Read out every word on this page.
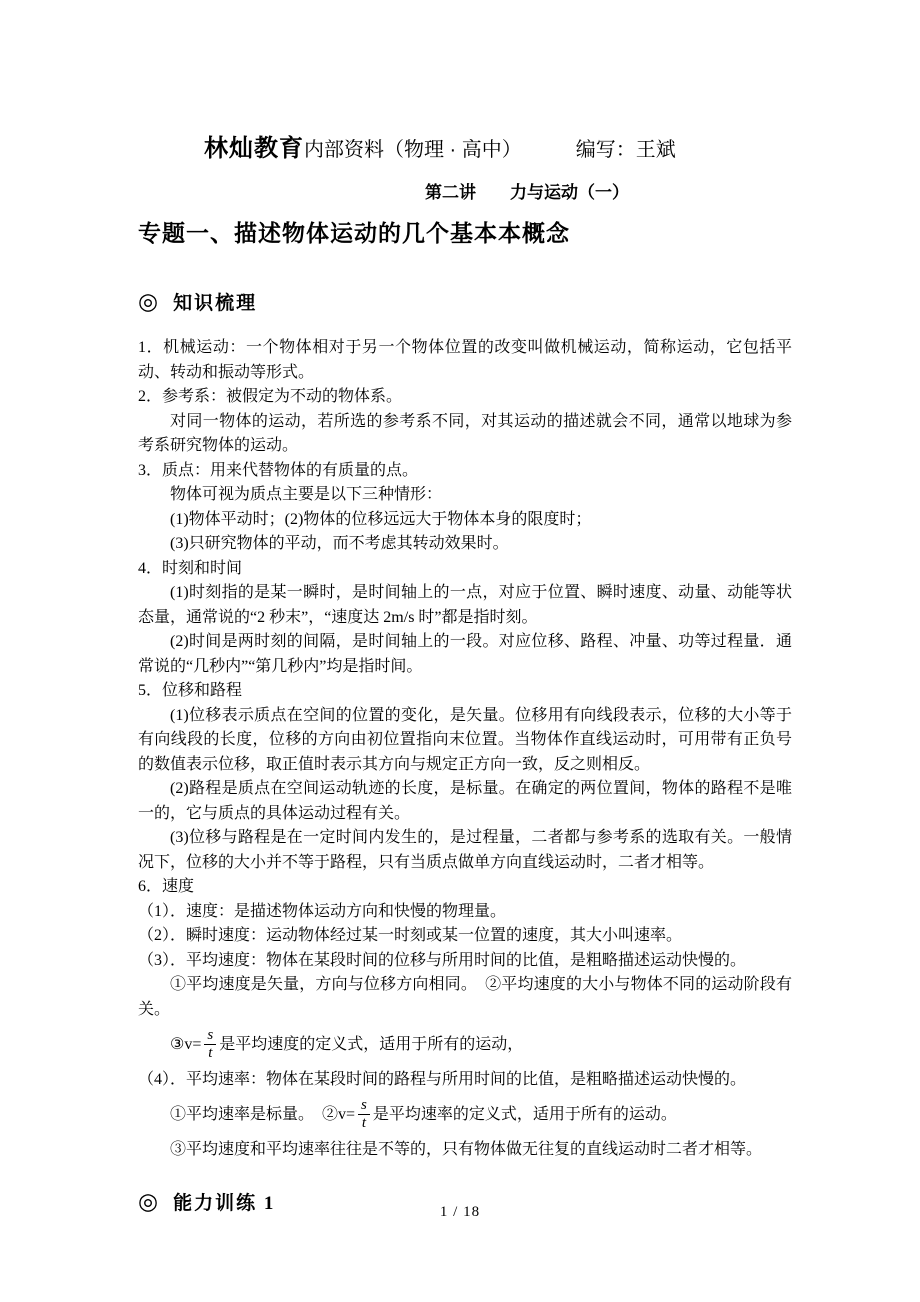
林灿教育内部资料（物理 · 高中）	编写：王斌
第二讲　　力与运动（一）
专题一、描述物体运动的几个基本本概念
◎ 知识梳理

1．机械运动：一个物体相对于另一个物体位置的改变叫做机械运动，简称运动，它包括平动、转动和振动等形式。

2．参考系：被假定为不动的物体系。

对同一物体的运动，若所选的参考系不同，对其运动的描述就会不同，通常以地球为参考系研究物体的运动。

3．质点：用来代替物体的有质量的点。

物体可视为质点主要是以下三种情形：

(1)物体平动时；(2)物体的位移远远大于物体本身的限度时；

(3)只研究物体的平动，而不考虑其转动效果时。

4．时刻和时间

(1)时刻指的是某一瞬时，是时间轴上的一点，对应于位置、瞬时速度、动量、动能等状态量，通常说的“2 秒末”，“速度达 2m/s 时”都是指时刻。

(2)时间是两时刻的间隔，是时间轴上的一段。对应位移、路程、冲量、功等过程量．通常说的“几秒内”“第几秒内”均是指时间。

5．位移和路程

(1)位移表示质点在空间的位置的变化，是矢量。位移用有向线段表示，位移的大小等于有向线段的长度，位移的方向由初位置指向末位置。当物体作直线运动时，可用带有正负号的数值表示位移，取正值时表示其方向与规定正方向一致，反之则相反。

(2)路程是质点在空间运动轨迹的长度，是标量。在确定的两位置间，物体的路程不是唯一的，它与质点的具体运动过程有关。

(3)位移与路程是在一定时间内发生的，是过程量，二者都与参考系的选取有关。一般情况下，位移的大小并不等于路程，只有当质点做单方向直线运动时，二者才相等。

6．速度

（1）．速度：是描述物体运动方向和快慢的物理量。

（2）．瞬时速度：运动物体经过某一时刻或某一位置的速度，其大小叫速率。

（3）．平均速度：物体在某段时间的位移与所用时间的比值，是粗略描述运动快慢的。

①平均速度是矢量，方向与位移方向相同。　②平均速度的大小与物体不同的运动阶段有关。

③v= $\frac{s}{t}$ 是平均速度的定义式，适用于所有的运动，

（4）．平均速率：物体在某段时间的路程与所用时间的比值，是粗略描述运动快慢的。

①平均速率是标量。　②v= $\frac{s}{t}$ 是平均速率的定义式，适用于所有的运动。

③平均速度和平均速率往往是不等的，只有物体做无往复的直线运动时二者才相等。

◎ 能力训练 1	1 / 18
